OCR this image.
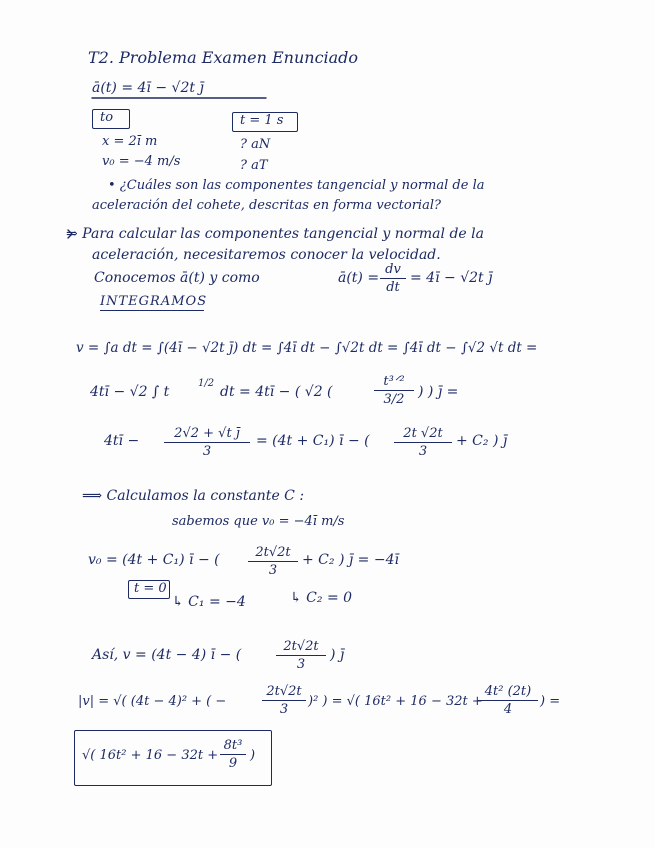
T2. Problema Examen Enunciado
ā(t) = 4ī − √2t j̄
to
x = 2ī m
v₀ = −4 m/s
t = 1 s
? aN
? aT
• ¿Cuáles son las componentes tangencial y normal de la
aceleración del cohete, descritas en forma vectorial?
⇒ Para calcular las componentes tangencial y normal de la
aceleración, necesitaremos conocer la velocidad.
Conocemos ā(t) y como	ā(t) =
dv
dt
= 4ī − √2t j̄
INTEGRAMOS
v = ∫a dt = ∫(4ī − √2t j̄) dt = ∫4ī dt − ∫√2t dt = ∫4ī dt − ∫√2 √t dt =
4tī − √2 ∫ t
1/2
dt = 4tī − ( √2 (
t³ᐟ²
3/2 ) ) j̄ =
4tī −	2√2 + √t j̄
3
= (4t + C₁) ī − (	2t √2t
3
+ C₂ ) j̄
⟹ Calculamos la constante C :
sabemos que v₀ = −4ī m/s
v₀ = (4t + C₁) ī − (	2t√2t
3
+ C₂ ) j̄ = −4ī
t = 0
↳ C₁ = −4	↳ C₂ = 0
Así, v = (4t − 4) ī − (
2t√2t
3
) j̄
|v| = √( (4t − 4)² + ( −
2t√2t
3
)² ) = √( 16t² + 16 − 32t +
4t² (2t)
4
) =
√( 16t² + 16 − 32t +
8t³
9
)
